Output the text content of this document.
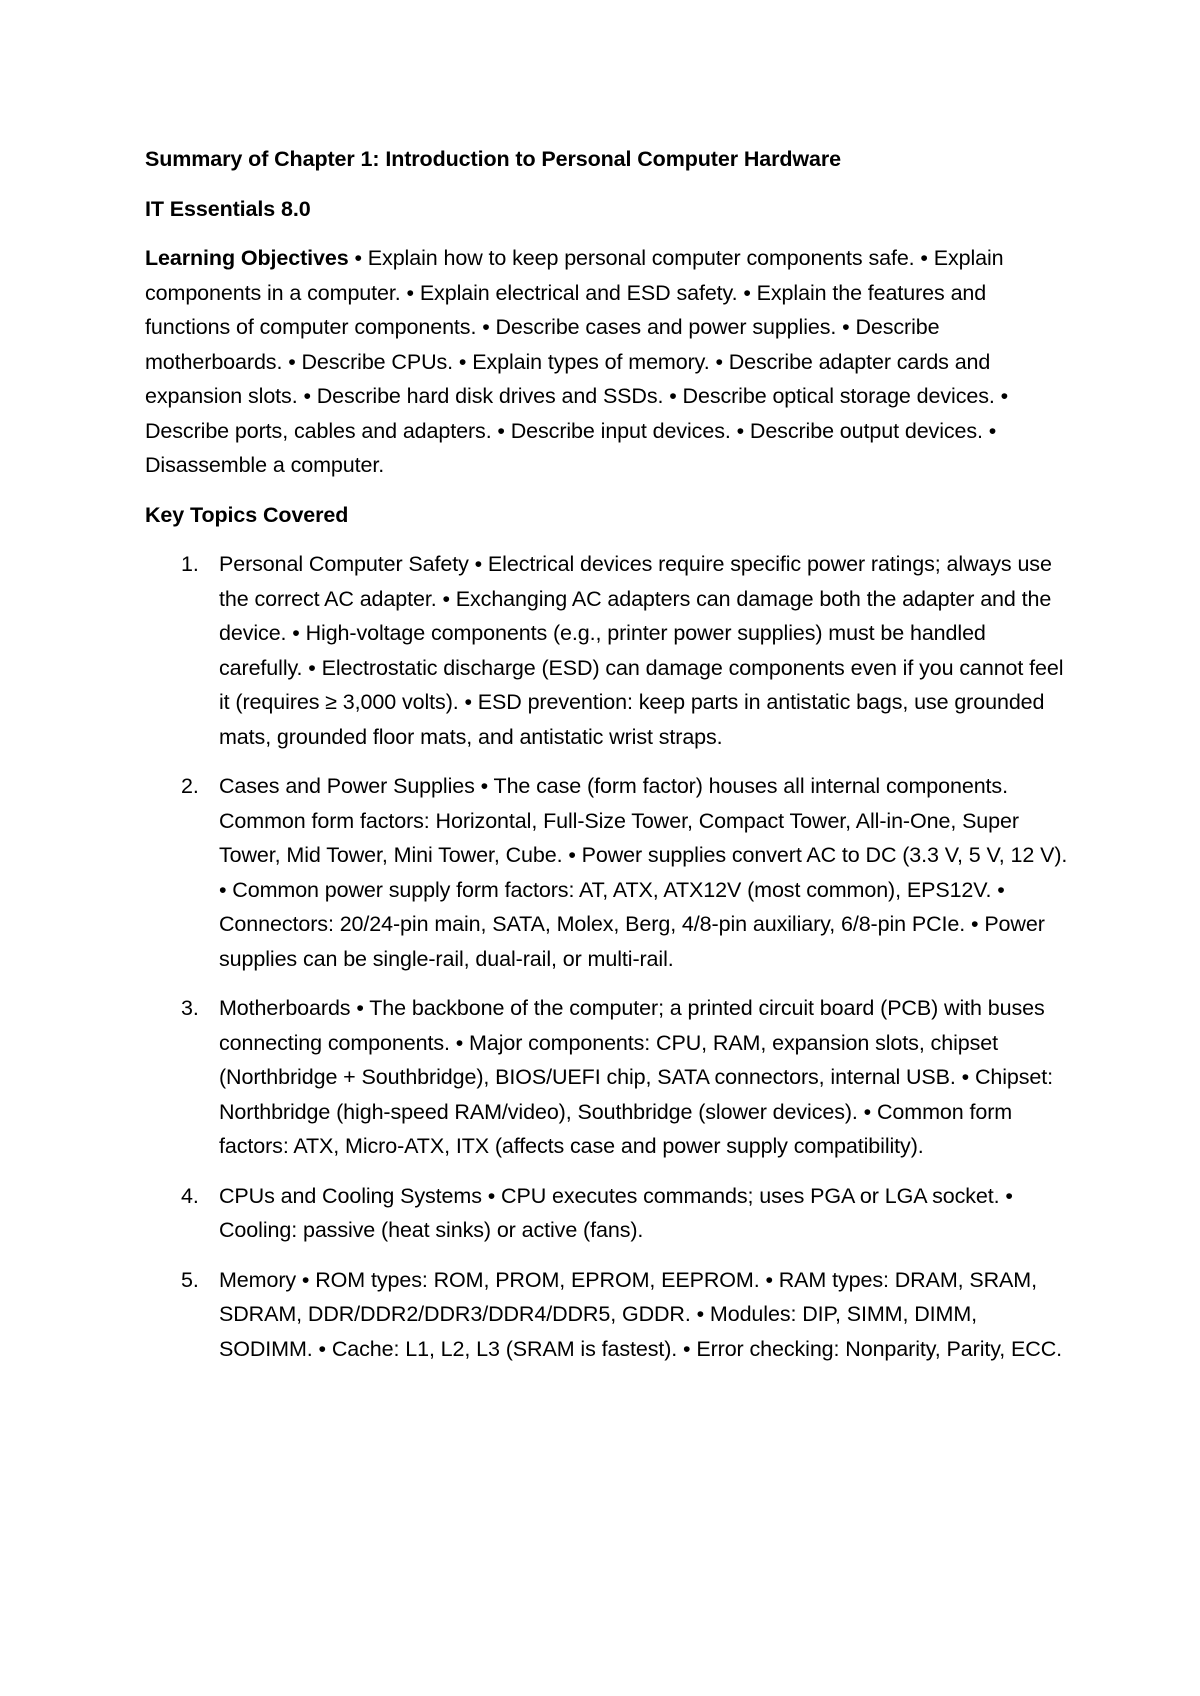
Summary of Chapter 1: Introduction to Personal Computer Hardware

IT Essentials 8.0

Learning Objectives • Explain how to keep personal computer components safe. • Explain components in a computer. • Explain electrical and ESD safety. • Explain the features and functions of computer components. • Describe cases and power supplies. • Describe motherboards. • Describe CPUs. • Explain types of memory. • Describe adapter cards and expansion slots. • Describe hard disk drives and SSDs. • Describe optical storage devices. • Describe ports, cables and adapters. • Describe input devices. • Describe output devices. • Disassemble a computer.

Key Topics Covered

1. Personal Computer Safety • Electrical devices require specific power ratings; always use the correct AC adapter. • Exchanging AC adapters can damage both the adapter and the device. • High-voltage components (e.g., printer power supplies) must be handled carefully. • Electrostatic discharge (ESD) can damage components even if you cannot feel it (requires ≥ 3,000 volts). • ESD prevention: keep parts in antistatic bags, use grounded mats, grounded floor mats, and antistatic wrist straps.
2. Cases and Power Supplies • The case (form factor) houses all internal components. Common form factors: Horizontal, Full-Size Tower, Compact Tower, All-in-One, Super Tower, Mid Tower, Mini Tower, Cube. • Power supplies convert AC to DC (3.3 V, 5 V, 12 V). • Common power supply form factors: AT, ATX, ATX12V (most common), EPS12V. • Connectors: 20/24-pin main, SATA, Molex, Berg, 4/8-pin auxiliary, 6/8-pin PCIe. • Power supplies can be single-rail, dual-rail, or multi-rail.
3. Motherboards • The backbone of the computer; a printed circuit board (PCB) with buses connecting components. • Major components: CPU, RAM, expansion slots, chipset (Northbridge + Southbridge), BIOS/UEFI chip, SATA connectors, internal USB. • Chipset: Northbridge (high-speed RAM/video), Southbridge (slower devices). • Common form factors: ATX, Micro-ATX, ITX (affects case and power supply compatibility).
4. CPUs and Cooling Systems • CPU executes commands; uses PGA or LGA socket. • Cooling: passive (heat sinks) or active (fans).
5. Memory • ROM types: ROM, PROM, EPROM, EEPROM. • RAM types: DRAM, SRAM, SDRAM, DDR/DDR2/DDR3/DDR4/DDR5, GDDR. • Modules: DIP, SIMM, DIMM, SODIMM. • Cache: L1, L2, L3 (SRAM is fastest). • Error checking: Nonparity, Parity, ECC.
